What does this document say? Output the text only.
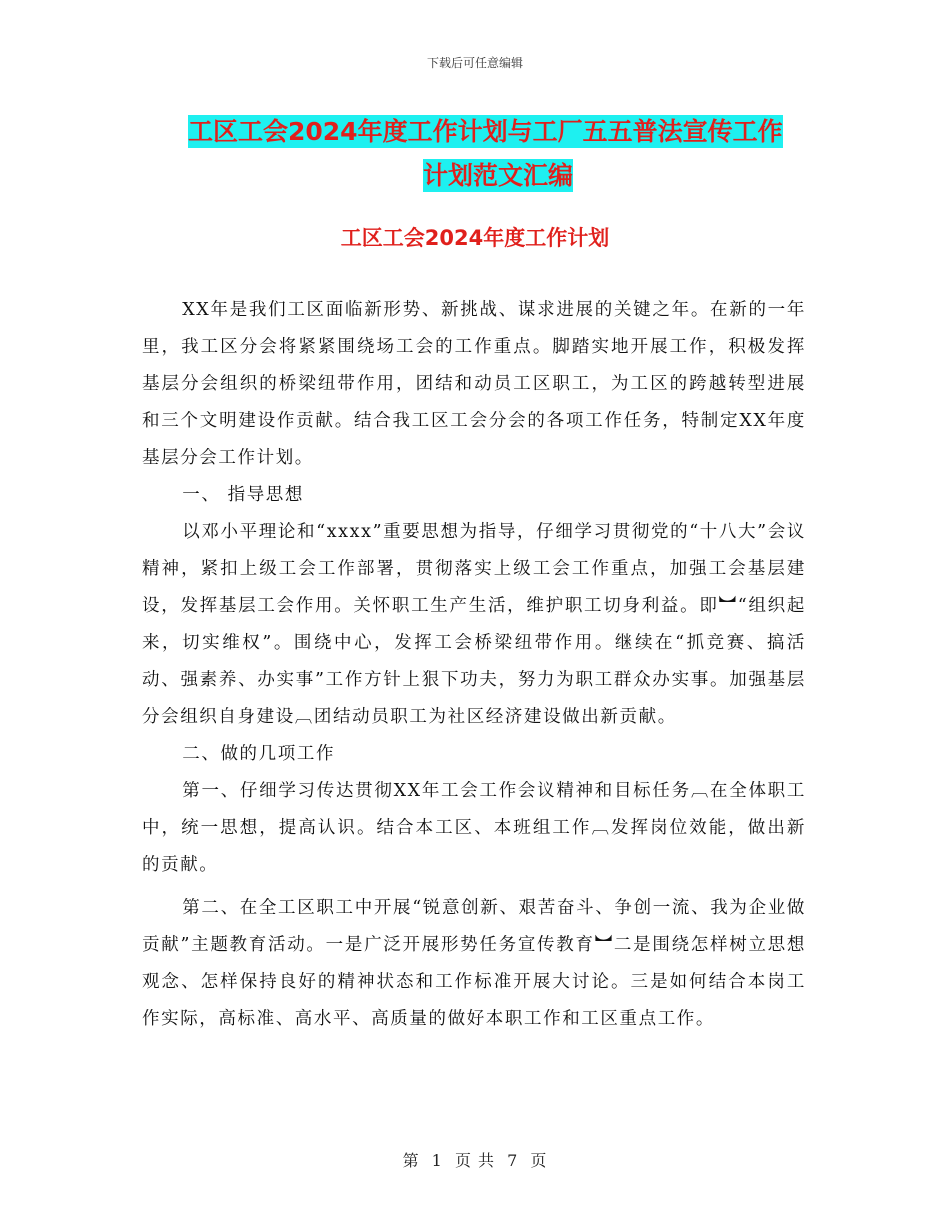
下载后可任意编辑
工区工会2024年度工作计划与工厂五五普法宣传工作
计划范文汇编
工区工会2024年度工作计划

XX年是我们工区面临新形势、新挑战、谋求进展的关键之年。在新的一年里，我工区分会将紧紧围绕场工会的工作重点。脚踏实地开展工作，积极发挥基层分会组织的桥梁纽带作用，团结和动员工区职工，为工区的跨越转型进展和三个文明建设作贡献。结合我工区工会分会的各项工作任务，特制定XX年度基层分会工作计划。

一、 指导思想

以邓小平理论和“xxxx”重要思想为指导，仔细学习贯彻党的“十八大”会议精神，紧扣上级工会工作部署，贯彻落实上级工会工作重点，加强工会基层建设，发挥基层工会作用。关怀职工生产生活，维护职工切身利益。即︼“组织起来，切实维权”。围绕中心，发挥工会桥梁纽带作用。继续在“抓竞赛、搞活动、强素养、办实事”工作方针上狠下功夫，努力为职工群众办实事。加强基层分会组织自身建设︹团结动员职工为社区经济建设做出新贡献。

二、做的几项工作

第一、仔细学习传达贯彻XX年工会工作会议精神和目标任务︹在全体职工中，统一思想，提高认识。结合本工区、本班组工作︹发挥岗位效能，做出新的贡献。

第二、在全工区职工中开展“锐意创新、艰苦奋斗、争创一流、我为企业做贡献”主题教育活动。一是广泛开展形势任务宣传教育︼二是围绕怎样树立思想观念、怎样保持良好的精神状态和工作标准开展大讨论。三是如何结合本岗工作实际，高标准、高水平、高质量的做好本职工作和工区重点工作。

第 1 页 共 7 页
